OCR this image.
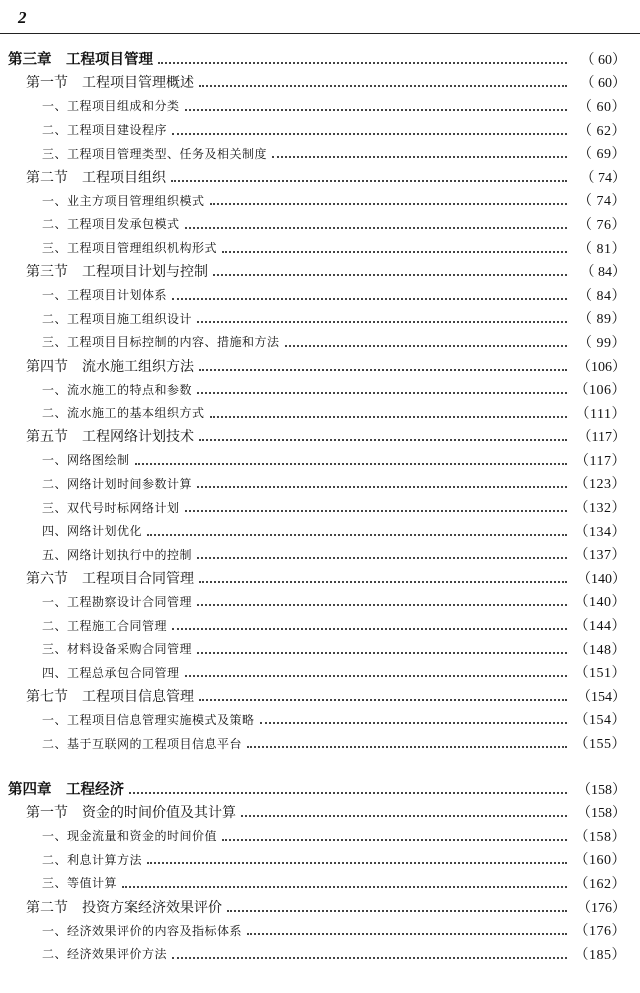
2
第三章　工程项目管理	（ 60）
第一节　工程项目管理概述	（ 60）
一、工程项目组成和分类	（ 60）
二、工程项目建设程序	（ 62）
三、工程项目管理类型、任务及相关制度	（ 69）
第二节　工程项目组织	（ 74）
一、业主方项目管理组织模式	（ 74）
二、工程项目发承包模式	（ 76）
三、工程项目管理组织机构形式	（ 81）
第三节　工程项目计划与控制	（ 84）
一、工程项目计划体系	（ 84）
二、工程项目施工组织设计	（ 89）
三、工程项目目标控制的内容、措施和方法	（ 99）
第四节　流水施工组织方法	（106）
一、流水施工的特点和参数	（106）
二、流水施工的基本组织方式	（111）
第五节　工程网络计划技术	（117）
一、网络图绘制	（117）
二、网络计划时间参数计算	（123）
三、双代号时标网络计划	（132）
四、网络计划优化	（134）
五、网络计划执行中的控制	（137）
第六节　工程项目合同管理	（140）
一、工程勘察设计合同管理	（140）
二、工程施工合同管理	（144）
三、材料设备采购合同管理	（148）
四、工程总承包合同管理	（151）
第七节　工程项目信息管理	（154）
一、工程项目信息管理实施模式及策略	（154）
二、基于互联网的工程项目信息平台	（155）
第四章　工程经济	（158）
第一节　资金的时间价值及其计算	（158）
一、现金流量和资金的时间价值	（158）
二、利息计算方法	（160）
三、等值计算	（162）
第二节　投资方案经济效果评价	（176）
一、经济效果评价的内容及指标体系	（176）
二、经济效果评价方法	（185）
